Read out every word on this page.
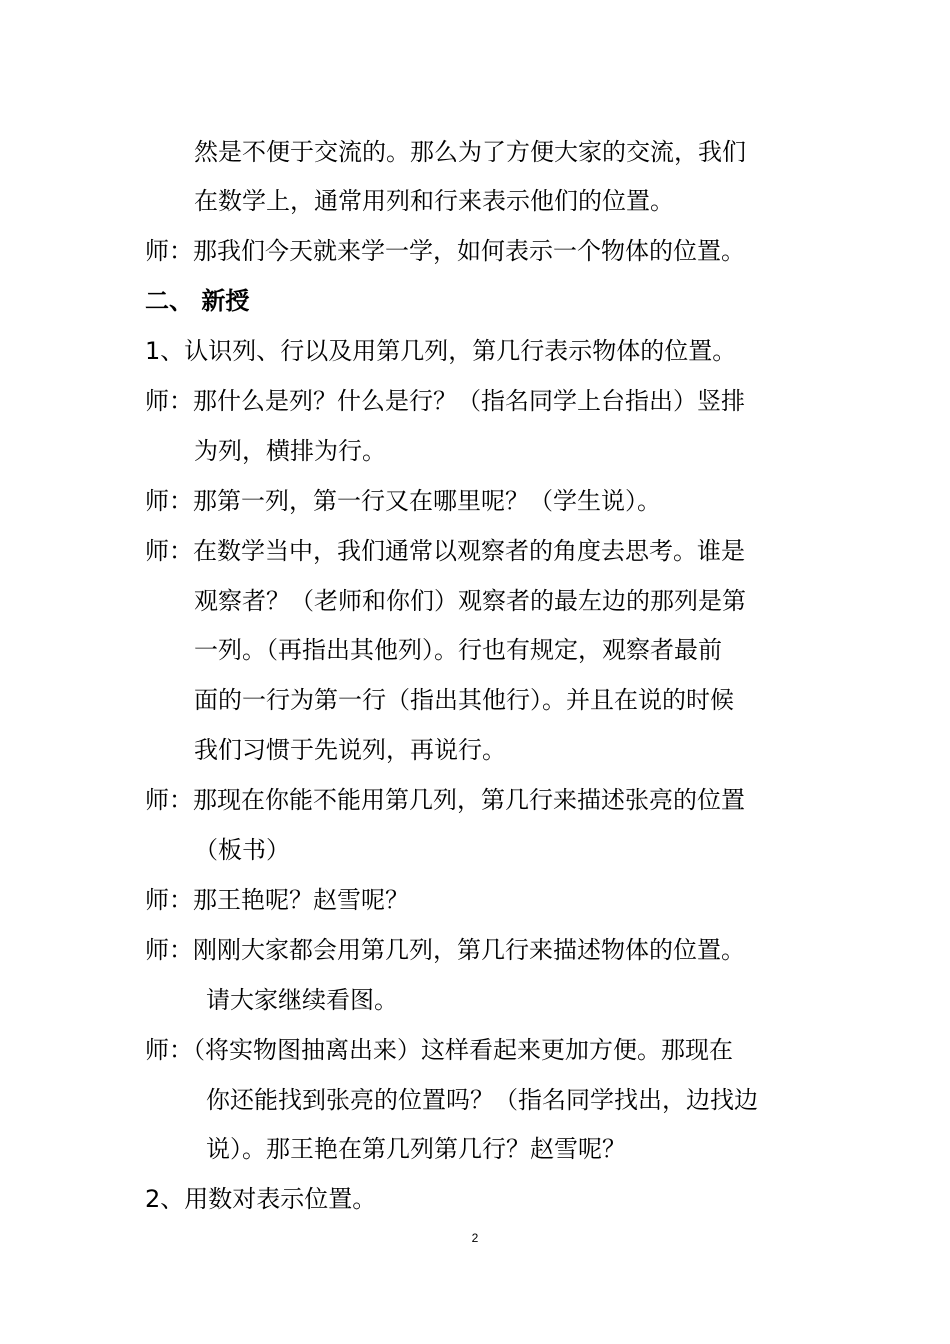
然是不便于交流的。那么为了方便大家的交流，我们
在数学上，通常用列和行来表示他们的位置。
师：那我们今天就来学一学，如何表示一个物体的位置。
二、 新授
1、认识列、行以及用第几列，第几行表示物体的位置。
师：那什么是列？什么是行？（指名同学上台指出）竖排
为列，横排为行。
师：那第一列，第一行又在哪里呢？（学生说）。
师：在数学当中，我们通常以观察者的角度去思考。谁是
观察者？（老师和你们）观察者的最左边的那列是第
一列。（再指出其他列）。行也有规定，观察者最前
面的一行为第一行（指出其他行）。并且在说的时候
我们习惯于先说列，再说行。
师：那现在你能不能用第几列，第几行来描述张亮的位置
（板书）
师：那王艳呢？赵雪呢？
师：刚刚大家都会用第几列，第几行来描述物体的位置。
请大家继续看图。
师：（将实物图抽离出来）这样看起来更加方便。那现在
你还能找到张亮的位置吗？（指名同学找出，边找边
说）。那王艳在第几列第几行？赵雪呢？
2、用数对表示位置。
2
